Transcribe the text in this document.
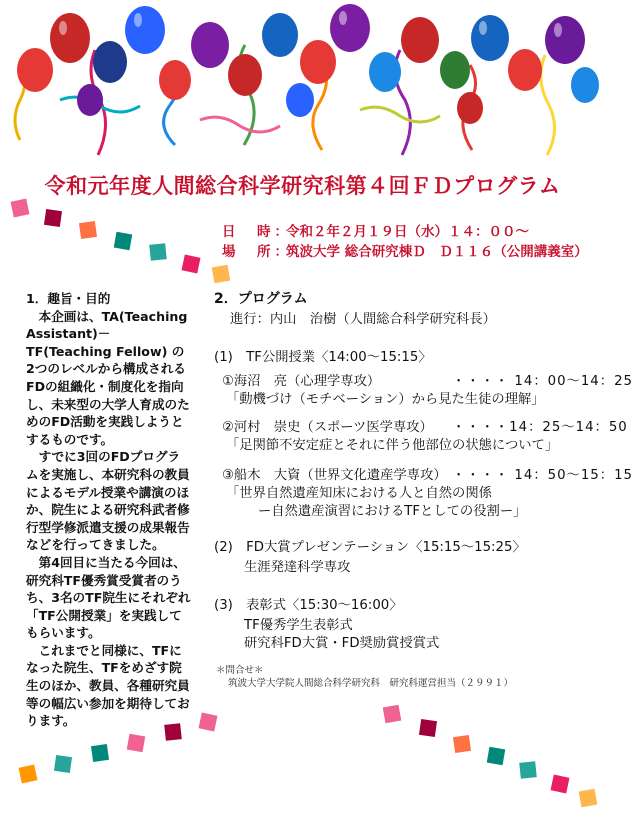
令和元年度人間総合科学研究科第４回ＦＤプログラム
日　時：
令和２年２月１９日（水）１４：００～
場　所：
筑波大学 総合研究棟Ｄ　Ｄ１１６（公開講義室）

1．趣旨・目的

本企画は、TA(Teaching Assistant)－TF(Teaching Fellow) の2つのレベルから構成されるFDの組織化・制度化を指向し、未来型の大学人育成のためのFD活動を実践しようとするものです。

すでに3回のFDプログラムを実施し、本研究科の教員によるモデル授業や講演のほか、院生による研究科武者修行型学修派遣支援の成果報告などを行ってきました。

第4回目に当たる今回は、研究科TF優秀賞受賞者のうち、3名のTF院生にそれぞれ「TF公開授業」を実践してもらいます。

これまでと同様に、TFになった院生、TFをめざす院生のほか、教員、各種研究員等の幅広い参加を期待しております。

2．プログラム
進行：内山　治樹（人間総合科学研究科長）
(1)　TF公開授業〈14:00～15:15〉
①海沼　亮（心理学専攻）	・・・・ 14：00～14：25
「動機づけ（モチベーション）から見た生徒の理解」
②河村　崇史（スポーツ医学専攻） ・・・・14：25～14：50
「足関節不安定症とそれに伴う他部位の状態について」
③船木　大資（世界文化遺産学専攻） ・・・・ 14：50～15：15
「世界自然遺産知床における人と自然の関係
ー自然遺産演習におけるTFとしての役割ー」
(2)　FD大賞プレゼンテーション〈15:15～15:25〉
生涯発達科学専攻
(3)　表彰式〈15:30～16:00〉
TF優秀学生表彰式
研究科FD大賞・FD奨励賞授賞式
＊問合せ＊
筑波大学大学院人間総合科学研究科　研究科運営担当（２９９１）
